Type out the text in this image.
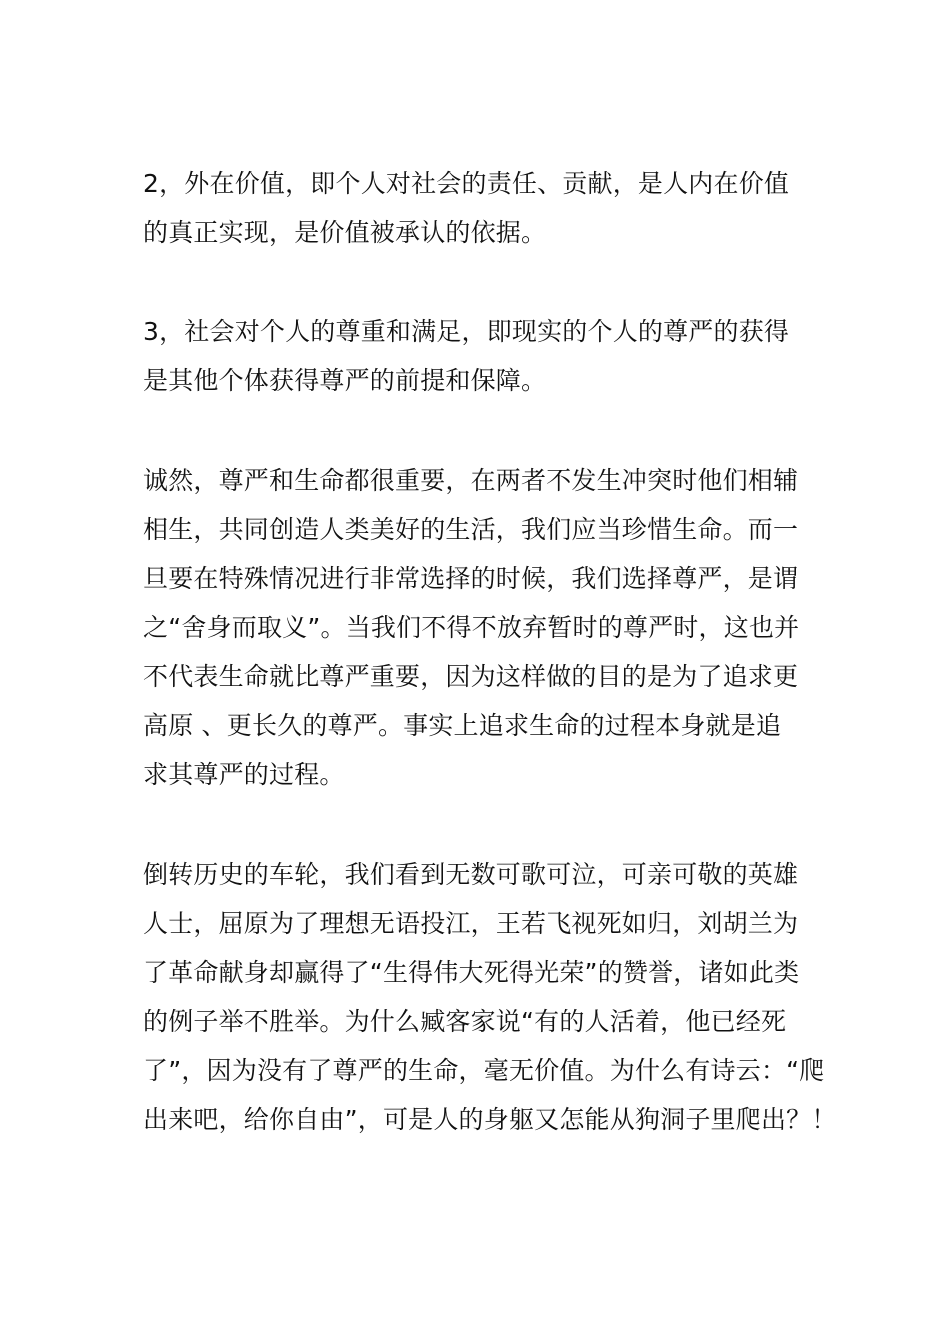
2，外在价值，即个人对社会的责任、贡献，是人内在价值
的真正实现，是价值被承认的依据。
3，社会对个人的尊重和满足，即现实的个人的尊严的获得
是其他个体获得尊严的前提和保障。
诚然，尊严和生命都很重要，在两者不发生冲突时他们相辅
相生，共同创造人类美好的生活，我们应当珍惜生命。而一
旦要在特殊情况进行非常选择的时候，我们选择尊严，是谓
之“舍身而取义”。当我们不得不放弃暂时的尊严时，这也并
不代表生命就比尊严重要，因为这样做的目的是为了追求更
高原 、更长久的尊严。事实上追求生命的过程本身就是追
求其尊严的过程。
倒转历史的车轮，我们看到无数可歌可泣，可亲可敬的英雄
人士，屈原为了理想无语投江，王若飞视死如归，刘胡兰为
了革命献身却赢得了“生得伟大死得光荣”的赞誉，诸如此类
的例子举不胜举。为什么臧客家说“有的人活着，他已经死
了”，因为没有了尊严的生命，毫无价值。为什么有诗云：“爬
出来吧，给你自由”，可是人的身躯又怎能从狗洞子里爬出？！
